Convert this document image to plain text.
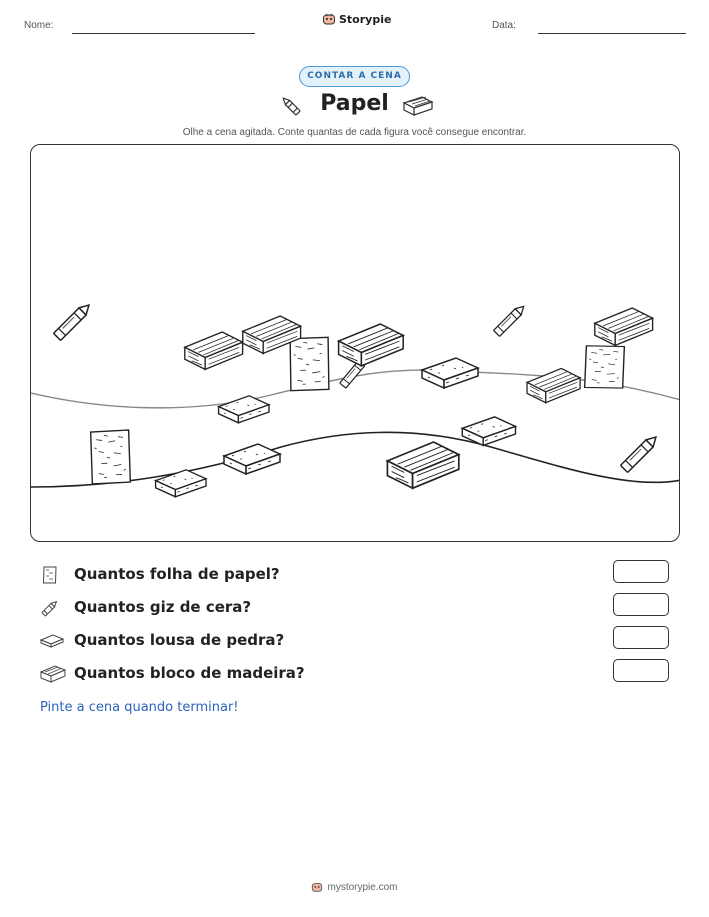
Nome:	Storypie	Data:
CONTAR A CENA
Papel
Olhe a cena agitada. Conte quantas de cada figura você consegue encontrar.
Quantos folha de papel?
Quantos giz de cera?
Quantos lousa de pedra?
Quantos bloco de madeira?
Pinte a cena quando terminar!
mystorypie.com
